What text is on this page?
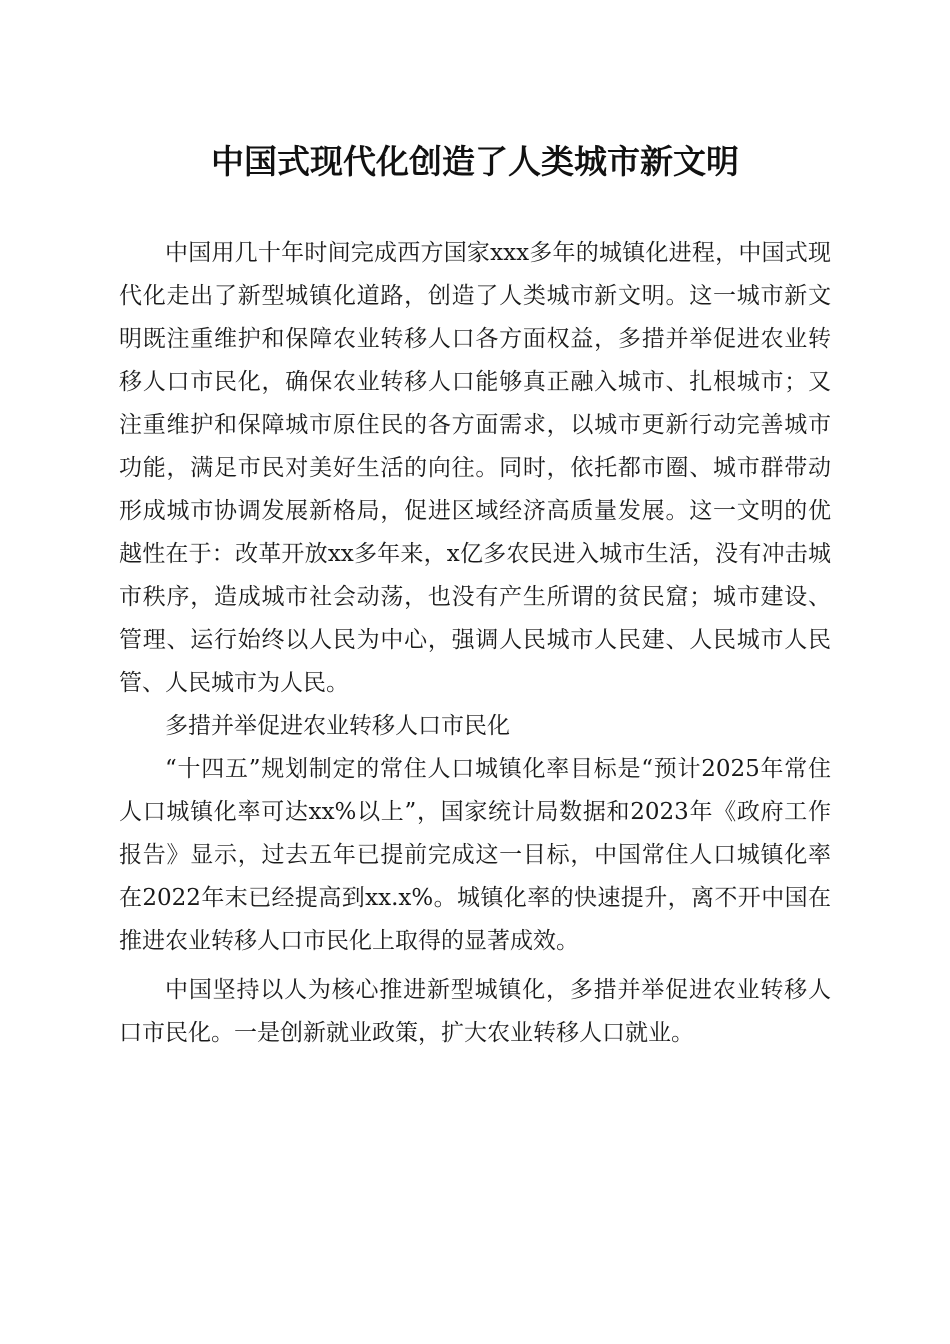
中国式现代化创造了人类城市新文明

中国用几十年时间完成西方国家xxx多年的城镇化进程，中国式现代化走出了新型城镇化道路，创造了人类城市新文明。这一城市新文明既注重维护和保障农业转移人口各方面权益，多措并举促进农业转移人口市民化，确保农业转移人口能够真正融入城市、扎根城市；又注重维护和保障城市原住民的各方面需求，以城市更新行动完善城市功能，满足市民对美好生活的向往。同时，依托都市圈、城市群带动形成城市协调发展新格局，促进区域经济高质量发展。这一文明的优越性在于：改革开放xx多年来，x亿多农民进入城市生活，没有冲击城市秩序，造成城市社会动荡，也没有产生所谓的贫民窟；城市建设、管理、运行始终以人民为中心，强调人民城市人民建、人民城市人民管、人民城市为人民。

多措并举促进农业转移人口市民化

“十四五”规划制定的常住人口城镇化率目标是“预计2025年常住人口城镇化率可达xx%以上”，国家统计局数据和2023年《政府工作报告》显示，过去五年已提前完成这一目标，中国常住人口城镇化率在2022年末已经提高到xx.x%。城镇化率的快速提升，离不开中国在推进农业转移人口市民化上取得的显著成效。

中国坚持以人为核心推进新型城镇化，多措并举促进农业转移人口市民化。一是创新就业政策，扩大农业转移人口就业。
